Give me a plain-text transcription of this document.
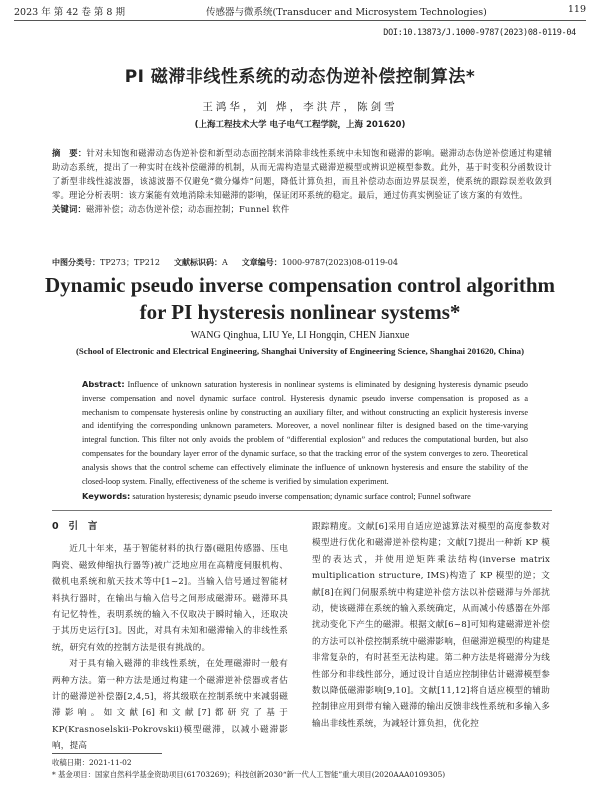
2023 年 第 42 卷 第 8 期	传感器与微系统(Transducer and Microsystem Technologies)	119
DOI:10.13873/J.1000-9787(2023)08-0119-04
PI 磁滞非线性系统的动态伪逆补偿控制算法*
王鸿华，刘 烨，李洪芹，陈剑雪
(上海工程技术大学 电子电气工程学院，上海 201620)
摘　要：针对未知饱和磁滞动态伪逆补偿和新型动态面控制来消除非线性系统中未知饱和磁滞的影响。磁滞动态伪逆补偿通过构建辅助动态系统，提出了一种实时在线补偿磁滞的机制，从而无需构造显式磁滞逆模型或辨识逆模型参数。此外，基于时变积分函数设计了新型非线性滤波器，该滤波器不仅避免“微分爆炸”问题，降低计算负担，而且补偿动态面边界层误差，使系统的跟踪误差收敛到零。理论分析表明：该方案能有效地消除未知磁滞的影响，保证闭环系统的稳定。最后，通过仿真实例验证了该方案的有效性。
关键词：磁滞补偿；动态伪逆补偿；动态面控制；Funnel 软件
中图分类号：TP273；TP212 文献标识码：A 文章编号：1000-9787(2023)08-0119-04
Dynamic pseudo inverse compensation control algorithm
for PI hysteresis nonlinear systems*
WANG Qinghua, LIU Ye, LI Hongqin, CHEN Jianxue
(School of Electronic and Electrical Engineering, Shanghai University of Engineering Science, Shanghai 201620, China)
Abstract: Influence of unknown saturation hysteresis in nonlinear systems is eliminated by designing hysteresis dynamic pseudo inverse compensation and novel dynamic surface control. Hysteresis dynamic pseudo inverse compensation is proposed as a mechanism to compensate hysteresis online by constructing an auxiliary filter, and without constructing an explicit hysteresis inverse and identifying the corresponding unknown parameters. Moreover, a novel nonlinear filter is designed based on the time-varying integral function. This filter not only avoids the problem of “differential explosion” and reduces the computational burden, but also compensates for the boundary layer error of the dynamic surface, so that the tracking error of the system converges to zero. Theoretical analysis shows that the control scheme can effectively eliminate the influence of unknown hysteresis and ensure the stability of the closed-loop system. Finally, effectiveness of the scheme is verified by simulation experiment.
Keywords: saturation hysteresis; dynamic pseudo inverse compensation; dynamic surface control; Funnel software
0　引　言

近几十年来，基于智能材料的执行器(磁阻传感器、压电陶瓷、磁致伸缩执行器等)被广泛地应用在高精度伺服机构、微机电系统和航天技术等中[1~2]。当输入信号通过智能材料执行器时，在输出与输入信号之间形成磁滞环。磁滞环具有记忆特性，表明系统的输入不仅取决于瞬时输入，还取决于其历史运行[3]。因此，对具有未知和磁滞输入的非线性系统，研究有效的控制方法是很有挑战的。

对于具有输入磁滞的非线性系统，在处理磁滞时一般有两种方法。第一种方法是通过构建一个磁滞逆补偿器或者估计的磁滞逆补偿器[2,4,5]，将其级联在控制系统中来减弱磁滞影响。如文献[6]和文献[7]都研究了基于KP(Krasnoselskii-Pokrovskii)模型磁滞，以减小磁滞影响，提高

跟踪精度。文献[6]采用自适应逆滤算法对模型的高度参数对模型进行优化和磁滞逆补偿构建；文献[7]提出一种新 KP 模型的表达式，并使用逆矩阵乘法结构(inverse matrix multiplication structure, IMS)构造了 KP 模型的逆；文献[8]在阀门伺服系统中构建逆补偿方法以补偿磁滞与外部扰动，使该磁滞在系统的输入系统确定，从而减小传感器在外部扰动变化下产生的磁滞。根据文献[6~8]可知构建磁滞逆补偿的方法可以补偿控制系统中磁滞影响，但磁滞逆模型的构建是非常复杂的，有时甚至无法构建。第二种方法是将磁滞分为线性部分和非线性部分，通过设计自适应控制律估计磁滞模型参数以降低磁滞影响[9,10]。文献[11,12]将自适应模型的辅助控制律应用到带有输入磁滞的输出反馈非线性系统和多输入多输出非线性系统，为减轻计算负担，优化控

收稿日期：2021-11-02
* 基金项目：国家自然科学基金资助项目(61703269)；科技创新2030“新一代人工智能”重大项目(2020AAA0109305)
